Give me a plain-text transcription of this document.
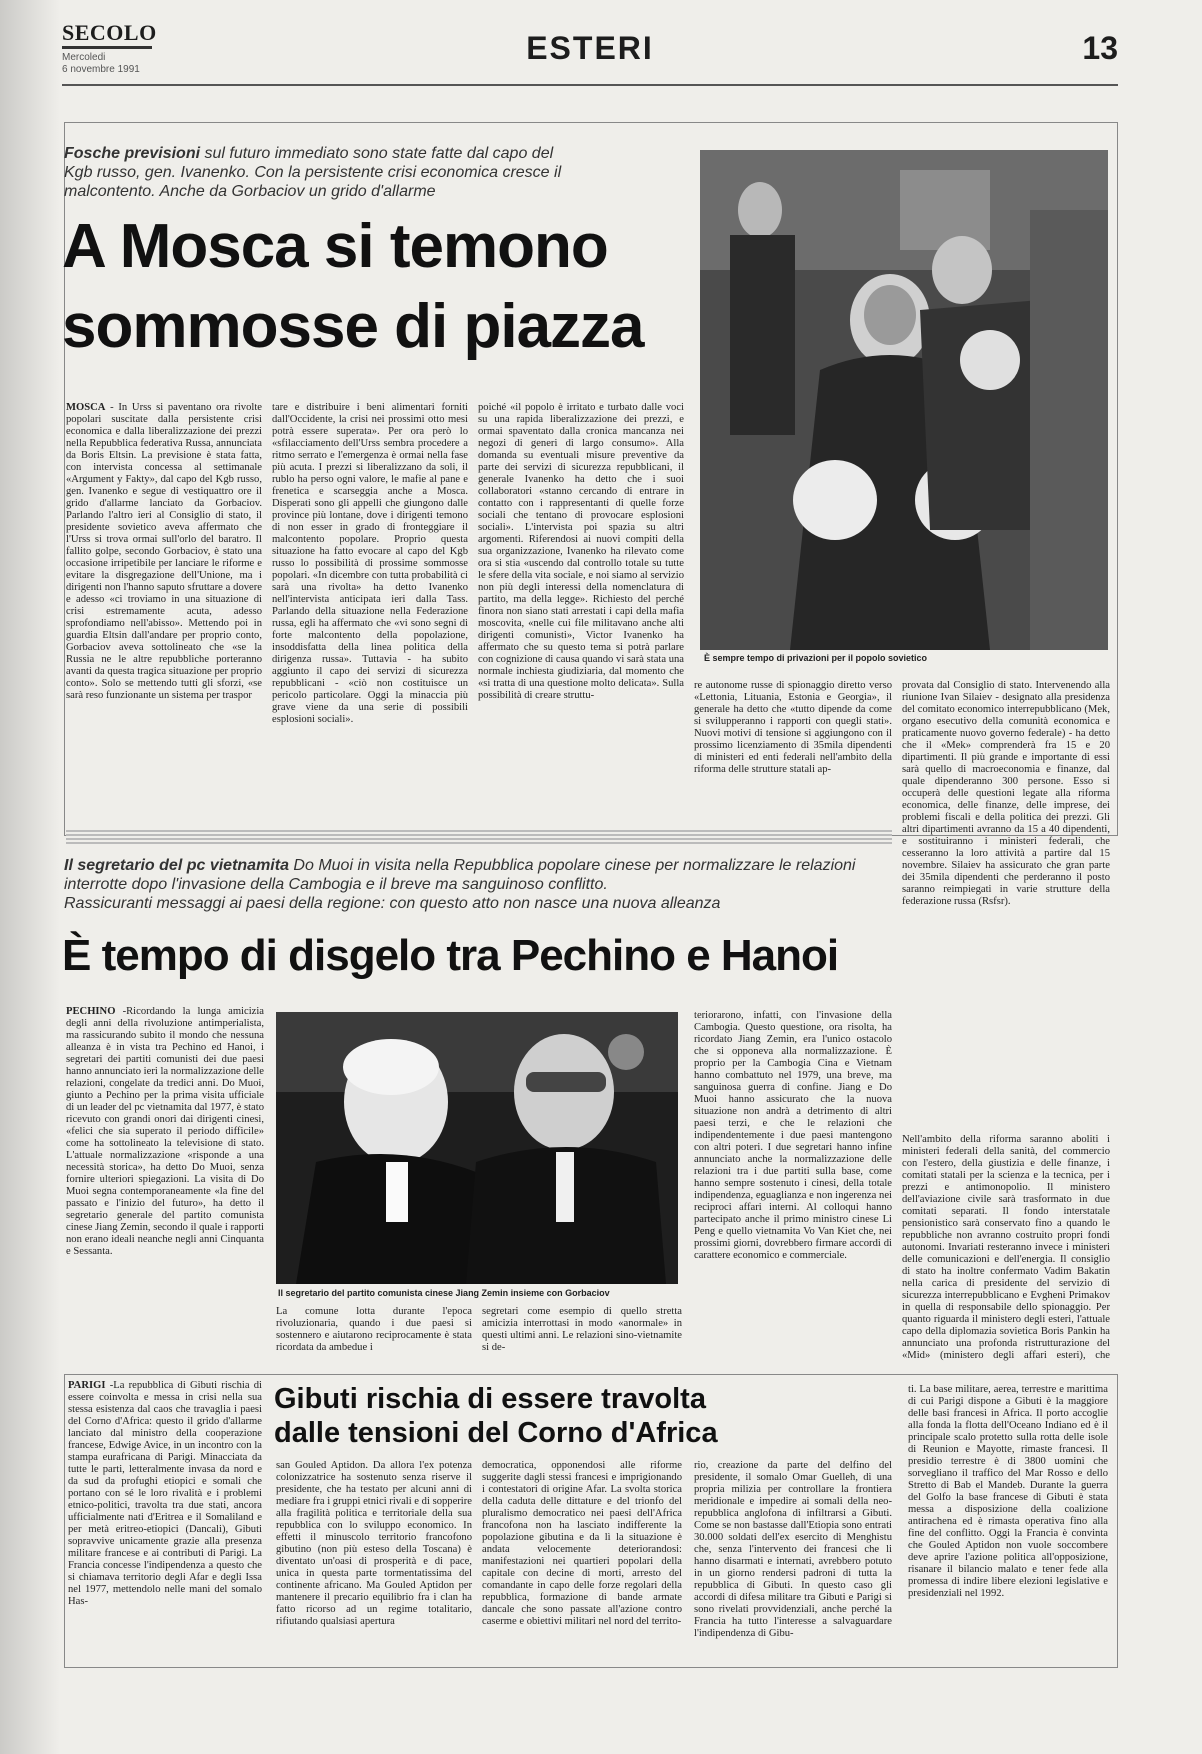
SECOLO
Mercoledi
6 novembre 1991
ESTERI	13
Fosche previsioni sul futuro immediato sono state fatte dal capo del Kgb russo, gen. Ivanenko. Con la persistente crisi economica cresce il malcontento. Anche da Gorbaciov un grido d'allarme
A Mosca si temono
sommosse di piazza
È sempre tempo di privazioni per il popolo sovietico
MOSCA - In Urss si paventano ora rivolte popolari suscitate dalla persistente crisi economica e dalla liberalizzazione dei prezzi nella Repubblica federativa Russa, annunciata da Boris Eltsin. La previsione è stata fatta, con intervista concessa al settimanale «Argument y Fakty», dal capo del Kgb russo, gen. Ivanenko e segue di vestiquattro ore il grido d'allarme lanciato da Gorbaciov. Parlando l'altro ieri al Consiglio di stato, il presidente sovietico aveva affermato che l'Urss si trova ormai sull'orlo del baratro. Il fallito golpe, secondo Gorbaciov, è stato una occasione irripetibile per lanciare le riforme e evitare la disgregazione dell'Unione, ma i dirigenti non l'hanno saputo sfruttare a dovere e adesso «ci troviamo in una situazione di crisi estremamente acuta, adesso sprofondiamo nell'abisso». Mettendo poi in guardia Eltsin dall'andare per proprio conto, Gorbaciov aveva sottolineato che «se la Russia ne le altre repubbliche porteranno avanti da questa tragica situazione per proprio conto». Solo se mettendo tutti gli sforzi, «se sarà reso funzionante un sistema per traspor
tare e distribuire i beni alimentari forniti dall'Occidente, la crisi nei prossimi otto mesi potrà essere superata». Per ora però lo «sfilacciamento dell'Urss sembra procedere a ritmo serrato e l'emergenza è ormai nella fase più acuta. I prezzi si liberalizzano da soli, il rublo ha perso ogni valore, le mafie al pane e frenetica e scarseggia anche a Mosca. Disperati sono gli appelli che giungono dalle province più lontane, dove i dirigenti temono di non esser in grado di fronteggiare il malcontento popolare. Proprio questa situazione ha fatto evocare al capo del Kgb russo lo possibilità di prossime sommosse popolari. «In dicembre con tutta probabilità ci sarà una rivolta» ha detto Ivanenko nell'intervista anticipata ieri dalla Tass. Parlando della situazione nella Federazione russa, egli ha affermato che «vi sono segni di forte malcontento della popolazione, insoddisfatta della linea politica della dirigenza russa». Tuttavia - ha subito aggiunto il capo dei servizi di sicurezza repubblicani - «ciò non costituisce un pericolo particolare. Oggi la minaccia più grave viene da una serie di possibili esplosioni sociali».
poiché «il popolo è irritato e turbato dalle voci su una rapida liberalizzazione dei prezzi, e ormai spaventato dalla cronica mancanza nei negozi di generi di largo consumo». Alla domanda su eventuali misure preventive da parte dei servizi di sicurezza repubblicani, il generale Ivanenko ha detto che i suoi collaboratori «stanno cercando di entrare in contatto con i rappresentanti di quelle forze sociali che tentano di provocare esplosioni sociali». L'intervista poi spazia su altri argomenti. Riferendosi ai nuovi compiti della sua organizzazione, Ivanenko ha rilevato come ora si stia «uscendo dal controllo totale su tutte le sfere della vita sociale, e noi siamo al servizio non più degli interessi della nomenclatura di partito, ma della legge». Richiesto del perché finora non siano stati arrestati i capi della mafia moscovita, «nelle cui file militavano anche alti dirigenti comunisti», Victor Ivanenko ha affermato che su questo tema si potrà parlare con cognizione di causa quando vi sarà stata una normale inchiesta giudiziaria, dal momento che «si tratta di una questione molto delicata». Sulla possibilità di creare struttu-
re autonome russe di spionaggio diretto verso «Lettonia, Lituania, Estonia e Georgia», il generale ha detto che «tutto dipende da come si svilupperanno i rapporti con quegli stati». Nuovi motivi di tensione si aggiungono con il prossimo licenziamento di 35mila dipendenti di ministeri ed enti federali nell'ambito della riforma delle strutture statali ap-
provata dal Consiglio di stato. Intervenendo alla riunione Ivan Silaiev - designato alla presidenza del comitato economico interrepubblicano (Mek, organo esecutivo della comunità economica e praticamente nuovo governo federale) - ha detto che il «Mek» comprenderà fra 15 e 20 dipartimenti. Il più grande e importante di essi sarà quello di macroeconomia e finanze, dal quale dipenderanno 300 persone. Esso si occuperà delle questioni legate alla riforma economica, delle finanze, delle imprese, dei problemi fiscali e della politica dei prezzi. Gli altri dipartimenti avranno da 15 a 40 dipendenti, e sostituiranno i ministeri federali, che cesseranno la loro attività a partire dal 15 novembre. Silaiev ha assicurato che gran parte dei 35mila dipendenti che perderanno il posto saranno reimpiegati in varie strutture della federazione russa (Rsfsr).
Il segretario del pc vietnamita Do Muoi in visita nella Repubblica popolare cinese per normalizzare le relazioni interrotte dopo l'invasione della Cambogia e il breve ma sanguinoso conflitto.
Rassicuranti messaggi ai paesi della regione: con questo atto non nasce una nuova alleanza
È tempo di disgelo tra Pechino e Hanoi
PECHINO -Ricordando la lunga amicizia degli anni della rivoluzione antimperialista, ma rassicurando subito il mondo che nessuna alleanza è in vista tra Pechino ed Hanoi, i segretari dei partiti comunisti dei due paesi hanno annunciato ieri la normalizzazione delle relazioni, congelate da tredici anni. Do Muoi, giunto a Pechino per la prima visita ufficiale di un leader del pc vietnamita dal 1977, è stato ricevuto con grandi onori dai dirigenti cinesi, «felici che sia superato il periodo difficile» come ha sottolineato la televisione di stato. L'attuale normalizzazione «risponde a una necessità storica», ha detto Do Muoi, senza fornire ulteriori spiegazioni. La visita di Do Muoi segna contemporaneamente «la fine del passato e l'inizio del futuro», ha detto il segretario generale del partito comunista cinese Jiang Zemin, secondo il quale i rapporti non erano ideali neanche negli anni Cinquanta e Sessanta.
Il segretario del partito comunista cinese Jiang Zemin insieme con Gorbaciov
La comune lotta durante l'epoca rivoluzionaria, quando i due paesi si sostennero e aiutarono reciprocamente è stata ricordata da ambedue i
segretari come esempio di quello stretta amicizia interrottasi in modo «anormale» in questi ultimi anni. Le relazioni sino-vietnamite si de-
teriorarono, infatti, con l'invasione della Cambogia. Questo questione, ora risolta, ha ricordato Jiang Zemin, era l'unico ostacolo che si opponeva alla normalizzazione. È proprio per la Cambogia Cina e Vietnam hanno combattuto nel 1979, una breve, ma sanguinosa guerra di confine. Jiang e Do Muoi hanno assicurato che la nuova situazione non andrà a detrimento di altri paesi terzi, e che le relazioni che indipendentemente i due paesi mantengono con altri poteri. I due segretari hanno infine annunciato anche la normalizzazione delle relazioni tra i due partiti sulla base, come hanno sempre sostenuto i cinesi, della totale indipendenza, eguaglianza e non ingerenza nei reciproci affari interni. Al colloqui hanno partecipato anche il primo ministro cinese Li Peng e quello vietnamita Vo Van Kiet che, nei prossimi giorni, dovrebbero firmare accordi di carattere economico e commerciale.
Nell'ambito della riforma saranno aboliti i ministeri federali della sanità, del commercio con l'estero, della giustizia e delle finanze, i comitati statali per la scienza e la tecnica, per i prezzi e antimonopolio. Il ministero dell'aviazione civile sarà trasformato in due comitati separati. Il fondo interstatale pensionistico sarà conservato fino a quando le repubbliche non avranno costruito propri fondi autonomi. Invariati resteranno invece i ministeri delle comunicazioni e dell'energia. Il consiglio di stato ha inoltre confermato Vadim Bakatin nella carica di presidente del servizio di sicurezza interrepubblicano e Evgheni Primakov in quella di responsabile dello spionaggio. Per quanto riguarda il ministero degli esteri, l'attuale capo della diplomazia sovietica Boris Pankin ha annunciato una profonda ristrutturazione del «Mid» (ministero degli affari esteri), che
PARIGI -La repubblica di Gibuti rischia di essere coinvolta e messa in crisi nella sua stessa esistenza dal caos che travaglia i paesi del Corno d'Africa: questo il grido d'allarme lanciato dal ministro della cooperazione francese, Edwige Avice, in un incontro con la stampa eurafricana di Parigi. Minacciata da tutte le parti, letteralmente invasa da nord e da sud da profughi etiopici e somali che portano con sé le loro rivalità e i problemi etnico-politici, travolta tra due stati, ancora ufficialmente nati d'Eritrea e il Somaliland e per metà eritreo-etiopici (Dancali), Gibuti sopravvive unicamente grazie alla presenza militare francese e ai contributi di Parigi. La Francia concesse l'indipendenza a questo che si chiamava territorio degli Afar e degli Issa nel 1977, mettendolo nelle mani del somalo Has-
Gibuti rischia di essere travolta
dalle tensioni del Corno d'Africa
san Gouled Aptidon. Da allora l'ex potenza colonizzatrice ha sostenuto senza riserve il presidente, che ha testato per alcuni anni di mediare fra i gruppi etnici rivali e di sopperire alla fragilità politica e territoriale della sua repubblica con lo sviluppo economico. In effetti il minuscolo territorio francofono gibutino (non più esteso della Toscana) è diventato un'oasi di prosperità e di pace, unica in questa parte tormentatissima del continente africano. Ma Gouled Aptidon per mantenere il precario equilibrio fra i clan ha fatto ricorso ad un regime totalitario, rifiutando qualsiasi apertura
democratica, opponendosi alle riforme suggerite dagli stessi francesi e imprigionando i contestatori di origine Afar. La svolta storica della caduta delle dittature e del trionfo del pluralismo democratico nei paesi dell'Africa francofona non ha lasciato indifferente la popolazione gibutina e da lì la situazione è andata velocemente deteriorandosi: manifestazioni nei quartieri popolari della capitale con decine di morti, arresto del comandante in capo delle forze regolari della repubblica, formazione di bande armate dancale che sono passate all'azione contro caserme e obiettivi militari nel nord del territo-
rio, creazione da parte del delfino del presidente, il somalo Omar Guelleh, di una propria milizia per controllare la frontiera meridionale e impedire ai somali della neo-repubblica anglofona di infiltrarsi a Gibuti. Come se non bastasse dall'Etiopia sono entrati 30.000 soldati dell'ex esercito di Menghistu che, senza l'intervento dei francesi che li hanno disarmati e internati, avrebbero potuto in un giorno rendersi padroni di tutta la repubblica di Gibuti. In questo caso gli accordi di difesa militare tra Gibuti e Parigi si sono rivelati provvidenziali, anche perché la Francia ha tutto l'interesse a salvaguardare l'indipendenza di Gibu-
ti. La base militare, aerea, terrestre e marittima di cui Parigi dispone a Gibuti è la maggiore delle basi francesi in Africa. Il porto accoglie alla fonda la flotta dell'Oceano Indiano ed è il principale scalo protetto sulla rotta delle isole di Reunion e Mayotte, rimaste francesi. Il presidio terrestre è di 3800 uomini che sorvegliano il traffico del Mar Rosso e dello Stretto di Bab el Mandeb. Durante la guerra del Golfo la base francese di Gibuti è stata messa a disposizione della coalizione antirachena ed è rimasta operativa fino alla fine del conflitto. Oggi la Francia è convinta che Gouled Aptidon non vuole soccombere deve aprire l'azione politica all'opposizione, risanare il bilancio malato e tener fede alla promessa di indire libere elezioni legislative e presidenziali nel 1992.
